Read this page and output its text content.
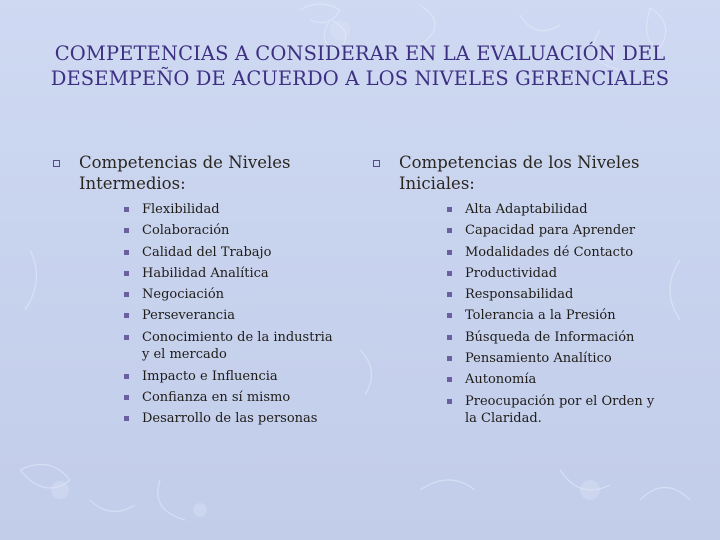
COMPETENCIAS A CONSIDERAR EN LA EVALUACIÓN DEL
DESEMPEÑO DE ACUERDO A LOS NIVELES GERENCIALES
Competencias de Niveles
Intermedios:
Flexibilidad
Colaboración
Calidad del Trabajo
Habilidad Analítica
Negociación
Perseverancia
Conocimiento de la industria
y el mercado
Impacto e Influencia
Confianza en sí mismo
Desarrollo de las personas
Competencias de los Niveles
Iniciales:
Alta Adaptabilidad
Capacidad para Aprender
Modalidades dé Contacto
Productividad
Responsabilidad
Tolerancia a la Presión
Búsqueda de Información
Pensamiento Analítico
Autonomía
Preocupación por el Orden y
la Claridad.
